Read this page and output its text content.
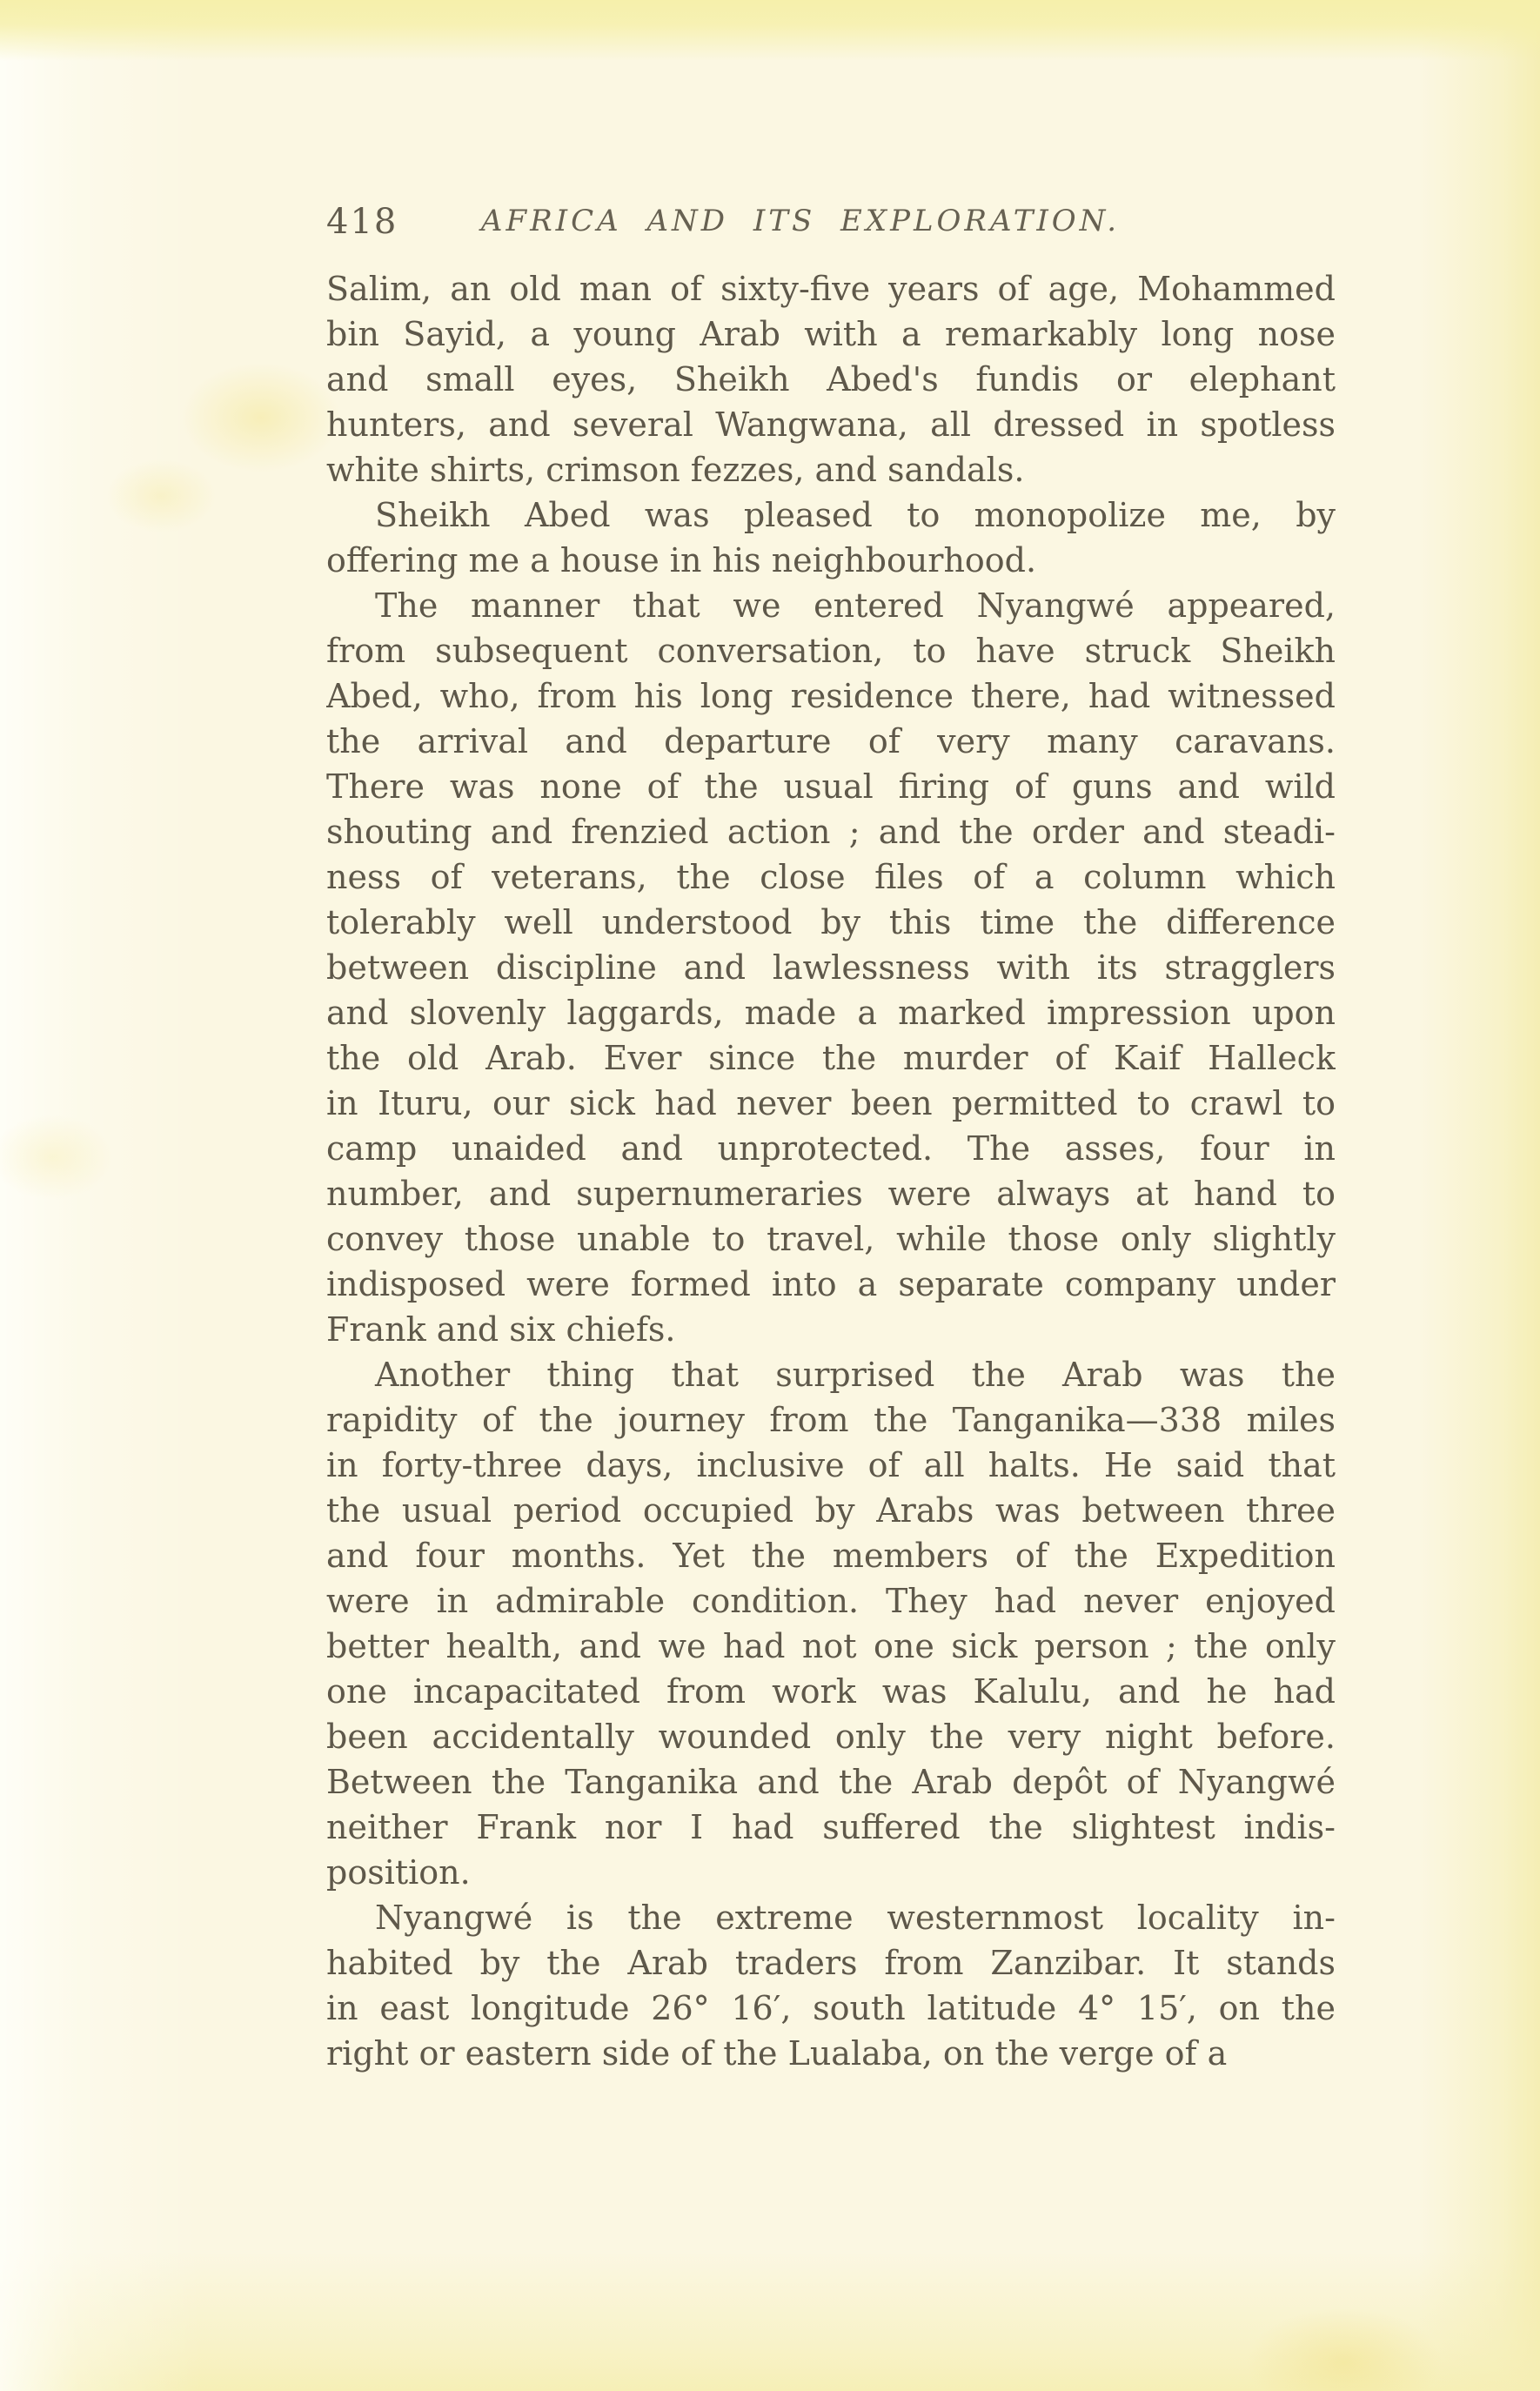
418	AFRICA AND ITS EXPLORATION.
Salim, an old man of sixty-five years of age, Mohammed
bin Sayid, a young Arab with a remarkably long nose
and small eyes, Sheikh Abed's fundis or elephant
hunters, and several Wangwana, all dressed in spotless
white shirts, crimson fezzes, and sandals.
Sheikh Abed was pleased to monopolize me, by
offering me a house in his neighbourhood.
The manner that we entered Nyangwé appeared,
from subsequent conversation, to have struck Sheikh
Abed, who, from his long residence there, had witnessed
the arrival and departure of very many caravans.
There was none of the usual firing of guns and wild
shouting and frenzied action ; and the order and steadi-
ness of veterans, the close files of a column which
tolerably well understood by this time the difference
between discipline and lawlessness with its stragglers
and slovenly laggards, made a marked impression upon
the old Arab. Ever since the murder of Kaif Halleck
in Ituru, our sick had never been permitted to crawl to
camp unaided and unprotected. The asses, four in
number, and supernumeraries were always at hand to
convey those unable to travel, while those only slightly
indisposed were formed into a separate company under
Frank and six chiefs.
Another thing that surprised the Arab was the
rapidity of the journey from the Tanganika—338 miles
in forty-three days, inclusive of all halts. He said that
the usual period occupied by Arabs was between three
and four months. Yet the members of the Expedition
were in admirable condition. They had never enjoyed
better health, and we had not one sick person ; the only
one incapacitated from work was Kalulu, and he had
been accidentally wounded only the very night before.
Between the Tanganika and the Arab depôt of Nyangwé
neither Frank nor I had suffered the slightest indis-
position.
Nyangwé is the extreme westernmost locality in-
habited by the Arab traders from Zanzibar. It stands
in east longitude 26° 16′, south latitude 4° 15′, on the
right or eastern side of the Lualaba, on the verge of a
